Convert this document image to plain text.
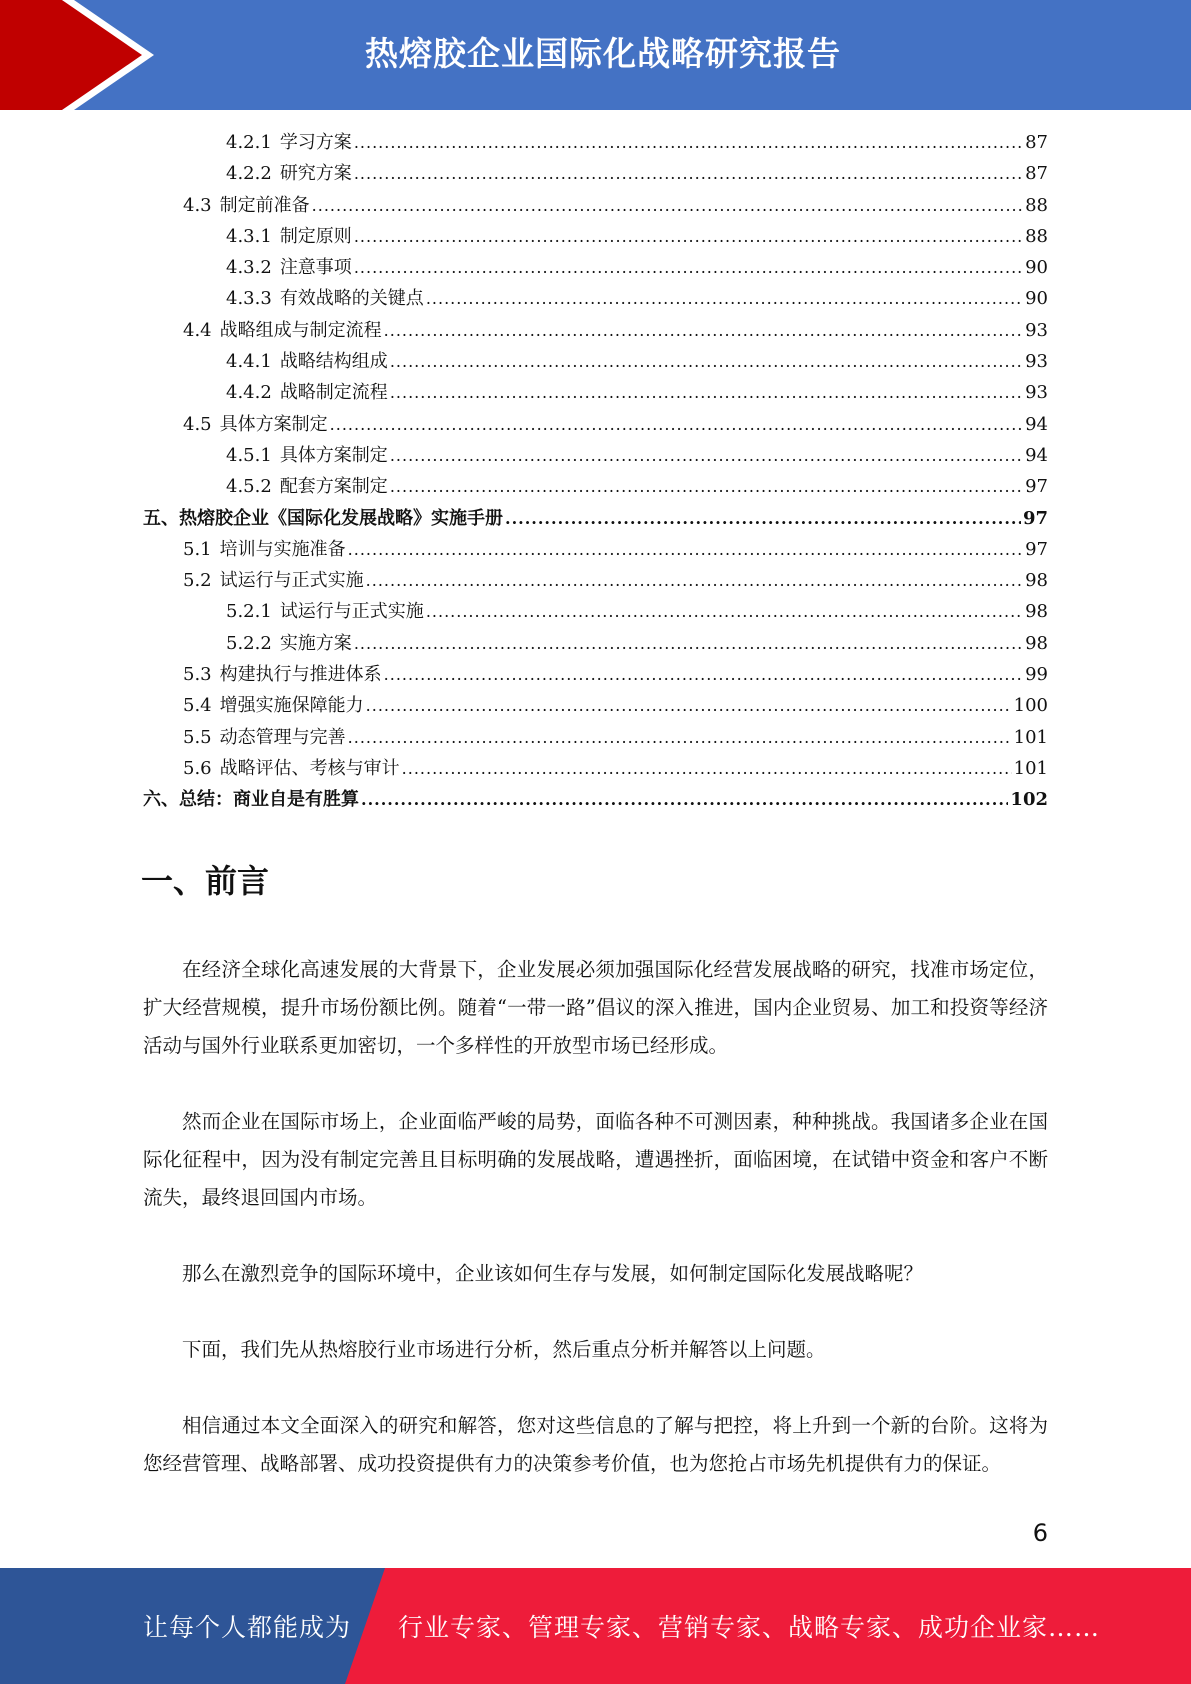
热熔胶企业国际化战略研究报告
4.2.1 学习方案 .....	87
4.2.2 研究方案 .....	87
4.3 制定前准备 .....	88
4.3.1 制定原则 .....	88
4.3.2 注意事项 .....	90
4.3.3 有效战略的关键点 .....	90
4.4 战略组成与制定流程 .....	93
4.4.1 战略结构组成 .....	93
4.4.2 战略制定流程 .....	93
4.5 具体方案制定 .....	94
4.5.1 具体方案制定 .....	94
4.5.2 配套方案制定 .....	97
五、 热熔胶企业《国际化发展战略》实施手册 .....	97
5.1 培训与实施准备 .....	97
5.2 试运行与正式实施 .....	98
5.2.1 试运行与正式实施 .....	98
5.2.2 实施方案 .....	98
5.3 构建执行与推进体系 .....	99
5.4 增强实施保障能力 .....	100
5.5 动态管理与完善 .....	101
5.6 战略评估、考核与审计 .....	101
六、 总结：商业自是有胜算 .....	102
一、前言

在经济全球化高速发展的大背景下，企业发展必须加强国际化经营发展战略的研究，找准市场定位，扩大经营规模，提升市场份额比例。随着“一带一路”倡议的深入推进，国内企业贸易、加工和投资等经济活动与国外行业联系更加密切，一个多样性的开放型市场已经形成。

然而企业在国际市场上，企业面临严峻的局势，面临各种不可测因素，种种挑战。我国诸多企业在国际化征程中，因为没有制定完善且目标明确的发展战略，遭遇挫折，面临困境，在试错中资金和客户不断流失，最终退回国内市场。

那么在激烈竞争的国际环境中，企业该如何生存与发展，如何制定国际化发展战略呢？

下面，我们先从热熔胶行业市场进行分析，然后重点分析并解答以上问题。

相信通过本文全面深入的研究和解答，您对这些信息的了解与把控，将上升到一个新的台阶。这将为您经营管理、战略部署、成功投资提供有力的决策参考价值，也为您抢占市场先机提供有力的保证。

6
让每个人都能成为 行业专家、管理专家、营销专家、战略专家、成功企业家……
